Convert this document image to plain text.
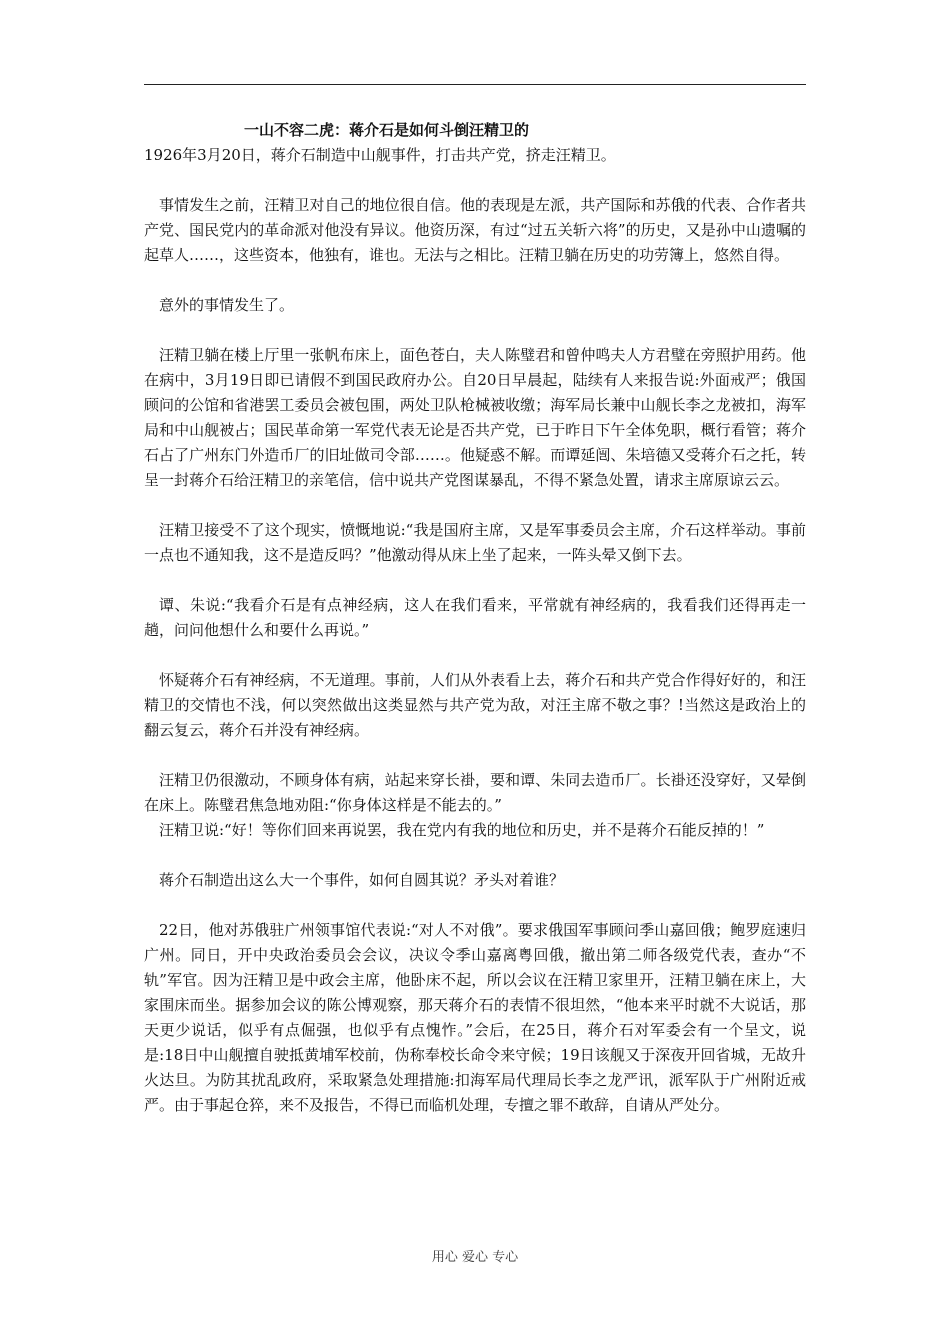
一山不容二虎：蒋介石是如何斗倒汪精卫的

1926年3月20日，蒋介石制造中山舰事件，打击共产党，挤走汪精卫。

事情发生之前，汪精卫对自己的地位很自信。他的表现是左派，共产国际和苏俄的代表、合作者共产党、国民党内的革命派对他没有异议。他资历深，有过“过五关斩六将”的历史，又是孙中山遗嘱的起草人……，这些资本，他独有，谁也。无法与之相比。汪精卫躺在历史的功劳簿上，悠然自得。

意外的事情发生了。

汪精卫躺在楼上厅里一张帆布床上，面色苍白，夫人陈璧君和曾仲鸣夫人方君璧在旁照护用药。他在病中，3月19日即已请假不到国民政府办公。自20日早晨起，陆续有人来报告说:外面戒严；俄国顾问的公馆和省港罢工委员会被包围，两处卫队枪械被收缴；海军局长兼中山舰长李之龙被扣，海军局和中山舰被占；国民革命第一军党代表无论是否共产党，已于昨日下午全体免职，概行看管；蒋介石占了广州东门外造币厂的旧址做司令部……。他疑惑不解。而谭延闿、朱培德又受蒋介石之托，转呈一封蒋介石给汪精卫的亲笔信，信中说共产党图谋暴乱，不得不紧急处置，请求主席原谅云云。

汪精卫接受不了这个现实，愤慨地说:“我是国府主席，又是军事委员会主席，介石这样举动。事前一点也不通知我，这不是造反吗？”他激动得从床上坐了起来，一阵头晕又倒下去。

谭、朱说:“我看介石是有点神经病，这人在我们看来，平常就有神经病的，我看我们还得再走一趟，问问他想什么和要什么再说。”

怀疑蒋介石有神经病，不无道理。事前，人们从外表看上去，蒋介石和共产党合作得好好的，和汪精卫的交情也不浅，何以突然做出这类显然与共产党为敌，对汪主席不敬之事？!当然这是政治上的翻云复云，蒋介石并没有神经病。

汪精卫仍很激动，不顾身体有病，站起来穿长褂，要和谭、朱同去造币厂。长褂还没穿好，又晕倒在床上。陈璧君焦急地劝阻:“你身体这样是不能去的。”

汪精卫说:“好！等你们回来再说罢，我在党内有我的地位和历史，并不是蒋介石能反掉的！”

蒋介石制造出这么大一个事件，如何自圆其说？矛头对着谁？

22日，他对苏俄驻广州领事馆代表说:“对人不对俄”。要求俄国军事顾问季山嘉回俄；鲍罗庭速归广州。同日，开中央政治委员会会议，决议令季山嘉离粤回俄，撤出第二师各级党代表，查办“不轨”军官。因为汪精卫是中政会主席，他卧床不起，所以会议在汪精卫家里开，汪精卫躺在床上，大家围床而坐。据参加会议的陈公博观察，那天蒋介石的表情不很坦然，“他本来平时就不大说话，那天更少说话，似乎有点倔强，也似乎有点愧怍。”会后，在25日，蒋介石对军委会有一个呈文，说是:18日中山舰擅自驶抵黄埔军校前，伪称奉校长命令来守候；19日该舰又于深夜开回省城，无故升火达旦。为防其扰乱政府，采取紧急处理措施:扣海军局代理局长李之龙严讯，派军队于广州附近戒严。由于事起仓猝，来不及报告，不得已而临机处理，专擅之罪不敢辞，自请从严处分。

用心 爱心 专心
